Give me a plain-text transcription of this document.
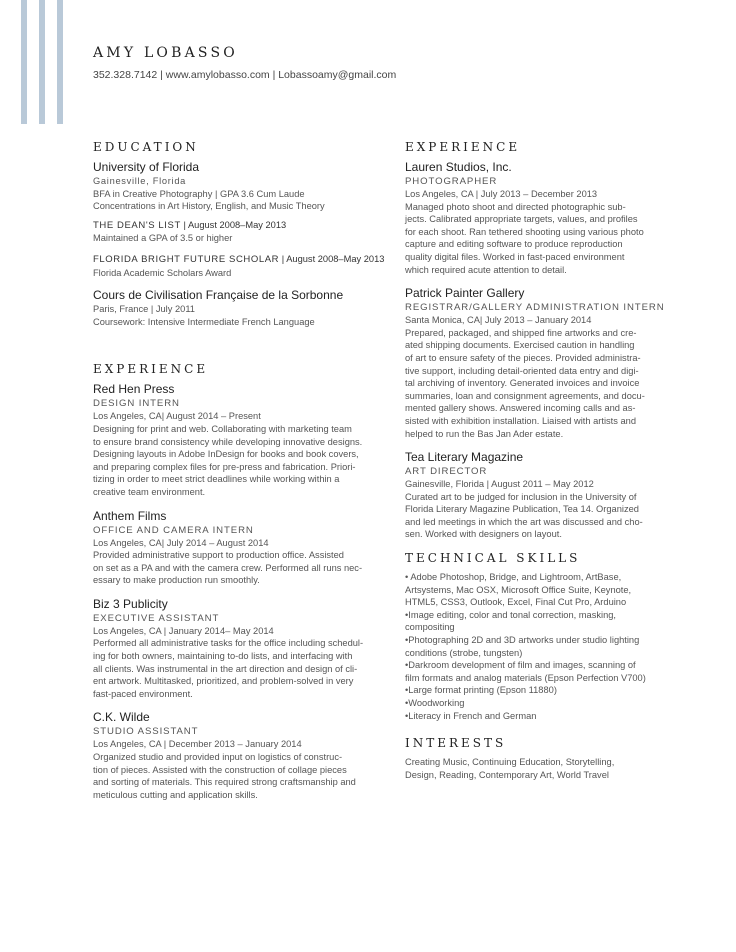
AMY LOBASSO
352.328.7142 | www.amylobasso.com | Lobassoamy@gmail.com
EDUCATION

University of Florida

Gainesville, Florida

BFA in Creative Photography | GPA 3.6 Cum Laude

Concentrations in Art History, English, and Music Theory

THE DEAN'S LIST | August 2008–May 2013

Maintained a GPA of 3.5 or higher

FLORIDA BRIGHT FUTURE SCHOLAR | August 2008–May 2013

Florida Academic Scholars Award

Cours de Civilisation Française de la Sorbonne

Paris, France | July 2011

Coursework: Intensive Intermediate French Language

EXPERIENCE

Red Hen Press

DESIGN INTERN

Los Angeles, CA| August 2014 – Present

Designing for print and web. Collaborating with marketing team

to ensure brand consistency while developing innovative designs.

Designing layouts in Adobe InDesign for books and book covers,

and preparing complex files for pre-press and fabrication. Priori-

tizing in order to meet strict deadlines while working within a

creative team environment.

Anthem Films

OFFICE AND CAMERA INTERN

Los Angeles, CA| July 2014 – August 2014

Provided administrative support to production office. Assisted

on set as a PA and with the camera crew. Performed all runs nec-

essary to make production run smoothly.

Biz 3 Publicity

EXECUTIVE ASSISTANT

Los Angeles, CA | January 2014– May 2014

Performed all administrative tasks for the office including schedul-

ing for both owners, maintaining to-do lists, and interfacing with

all clients. Was instrumental in the art direction and design of cli-

ent artwork. Multitasked, prioritized, and problem-solved in very

fast-paced environment.

C.K. Wilde

STUDIO ASSISTANT

Los Angeles, CA | December 2013 – January 2014

Organized studio and provided input on logistics of construc-

tion of pieces. Assisted with the construction of collage pieces

and sorting of materials. This required strong craftsmanship and

meticulous cutting and application skills.

EXPERIENCE

Lauren Studios, Inc.

PHOTOGRAPHER

Los Angeles, CA | July 2013 – December 2013

Managed photo shoot and directed photographic sub-

jects. Calibrated appropriate targets, values, and profiles

for each shoot. Ran tethered shooting using various photo

capture and editing software to produce reproduction

quality digital files. Worked in fast-paced environment

which required acute attention to detail.

Patrick Painter Gallery

REGISTRAR/GALLERY ADMINISTRATION INTERN

Santa Monica, CA| July 2013 – January 2014

Prepared, packaged, and shipped fine artworks and cre-

ated shipping documents. Exercised caution in handling

of art to ensure safety of the pieces. Provided administra-

tive support, including detail-oriented data entry and digi-

tal archiving of inventory. Generated invoices and invoice

summaries, loan and consignment agreements, and docu-

mented gallery shows. Answered incoming calls and as-

sisted with exhibition installation. Liaised with artists and

helped to run the Bas Jan Ader estate.

Tea Literary Magazine

ART DIRECTOR

Gainesville, Florida | August 2011 – May 2012

Curated art to be judged for inclusion in the University of

Florida Literary Magazine Publication, Tea 14. Organized

and led meetings in which the art was discussed and cho-

sen. Worked with designers on layout.

TECHNICAL SKILLS

• Adobe Photoshop, Bridge, and Lightroom, ArtBase,

Artsystems, Mac OSX, Microsoft Office Suite, Keynote,

HTML5, CSS3, Outlook, Excel, Final Cut Pro, Arduino

•Image editing, color and tonal correction, masking,

compositing

•Photographing 2D and 3D artworks under studio lighting

conditions (strobe, tungsten)

•Darkroom development of film and images, scanning of

film formats and analog materials (Epson Perfection V700)

•Large format printing (Epson 11880)

•Woodworking

•Literacy in French and German

INTERESTS

Creating Music, Continuing Education, Storytelling,

Design, Reading, Contemporary Art, World Travel
